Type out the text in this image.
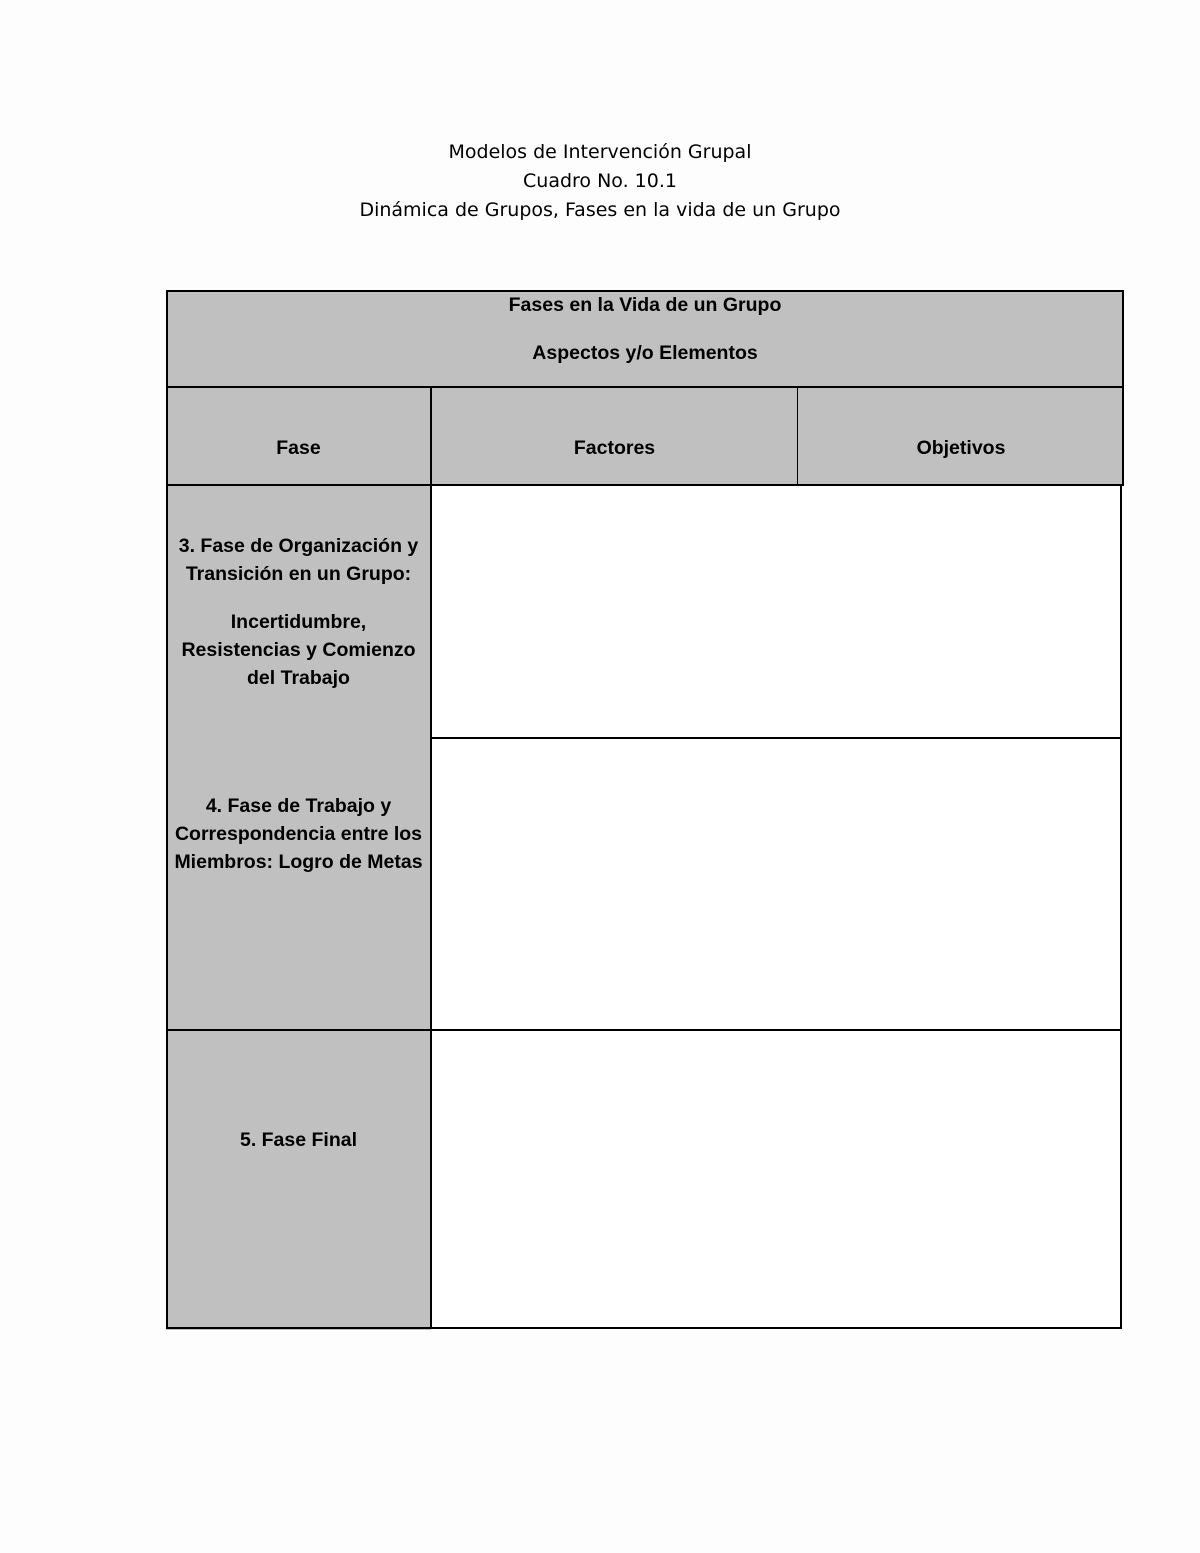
Modelos de Intervención Grupal
Cuadro No. 10.1
Dinámica de Grupos, Fases en la vida de un Grupo
Fases en la Vida de un Grupo
Aspectos y/o Elementos
Fase	Factores	Objetivos
3. Fase de Organización y Transición en un Grupo:
Incertidumbre, Resistencias y Comienzo del Trabajo
4. Fase de Trabajo y Correspondencia entre los Miembros: Logro de Metas
5. Fase Final
